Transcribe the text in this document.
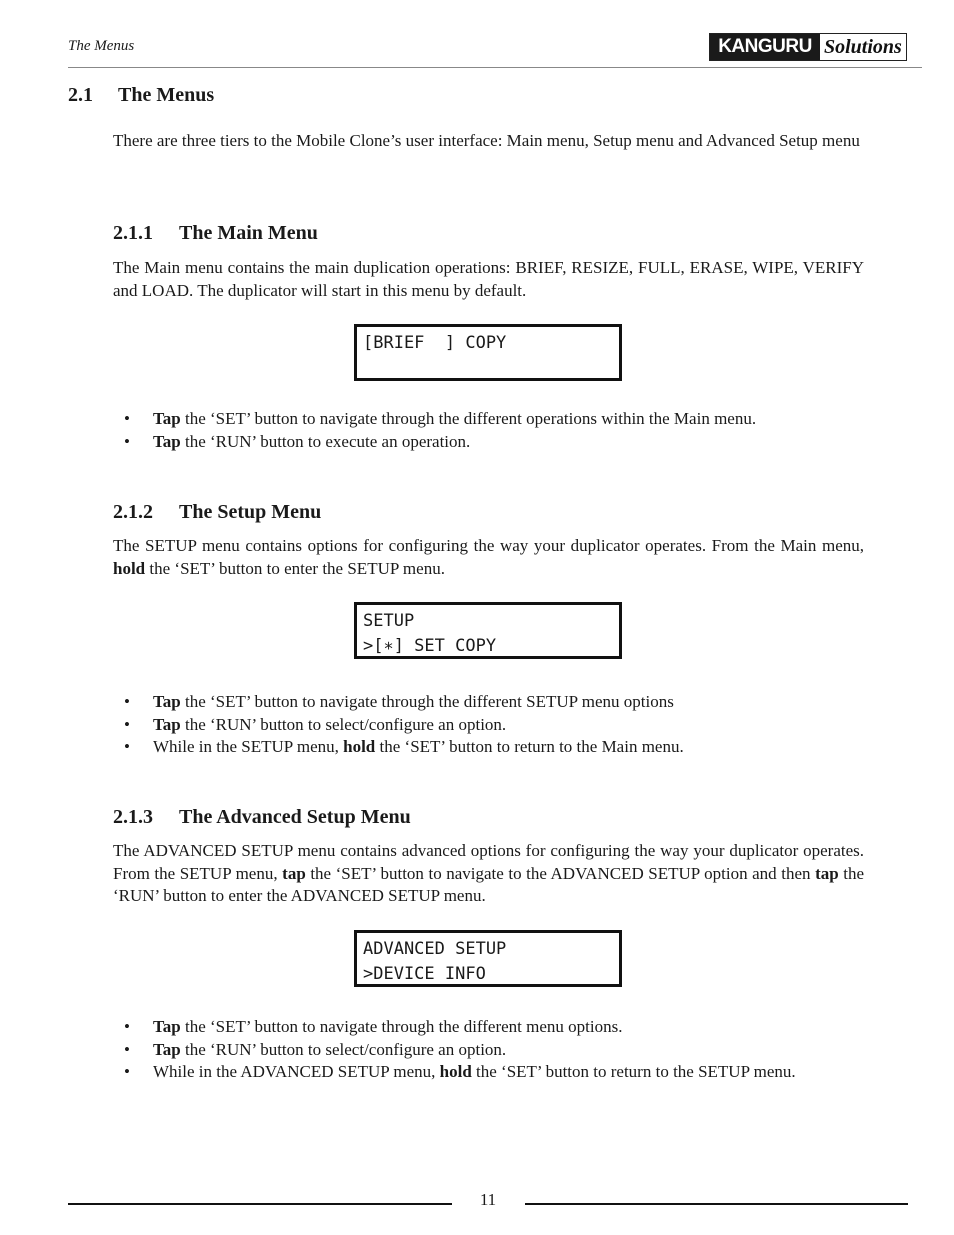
The Menus	KANGURU Solutions
2.1 The Menus
There are three tiers to the Mobile Clone’s user interface: Main menu, Setup menu and Advanced Setup menu
2.1.1 The Main Menu
The Main menu contains the main duplication operations: BRIEF, RESIZE, FULL, ERASE, WIPE, VERIFY and LOAD. The duplicator will start in this menu by default.
[BRIEF  ] COPY
• Tap the ‘SET’ button to navigate through the different operations within the Main menu.
• Tap the ‘RUN’ button to execute an operation.
2.1.2 The Setup Menu
The SETUP menu contains options for configuring the way your duplicator operates. From the Main menu, hold the ‘SET’ button to enter the SETUP menu.
SETUP
>[∗] SET COPY
• Tap the ‘SET’ button to navigate through the different SETUP menu options
• Tap the ‘RUN’ button to select/configure an option.
• While in the SETUP menu, hold the ‘SET’ button to return to the Main menu.
2.1.3 The Advanced Setup Menu
The ADVANCED SETUP menu contains advanced options for configuring the way your duplicator operates. From the SETUP menu, tap the ‘SET’ button to navigate to the ADVANCED SETUP option and then tap the ‘RUN’ button to enter the ADVANCED SETUP menu.
ADVANCED SETUP
>DEVICE INFO
• Tap the ‘SET’ button to navigate through the different menu options.
• Tap the ‘RUN’ button to select/configure an option.
• While in the ADVANCED SETUP menu, hold the ‘SET’ button to return to the SETUP menu.
11
